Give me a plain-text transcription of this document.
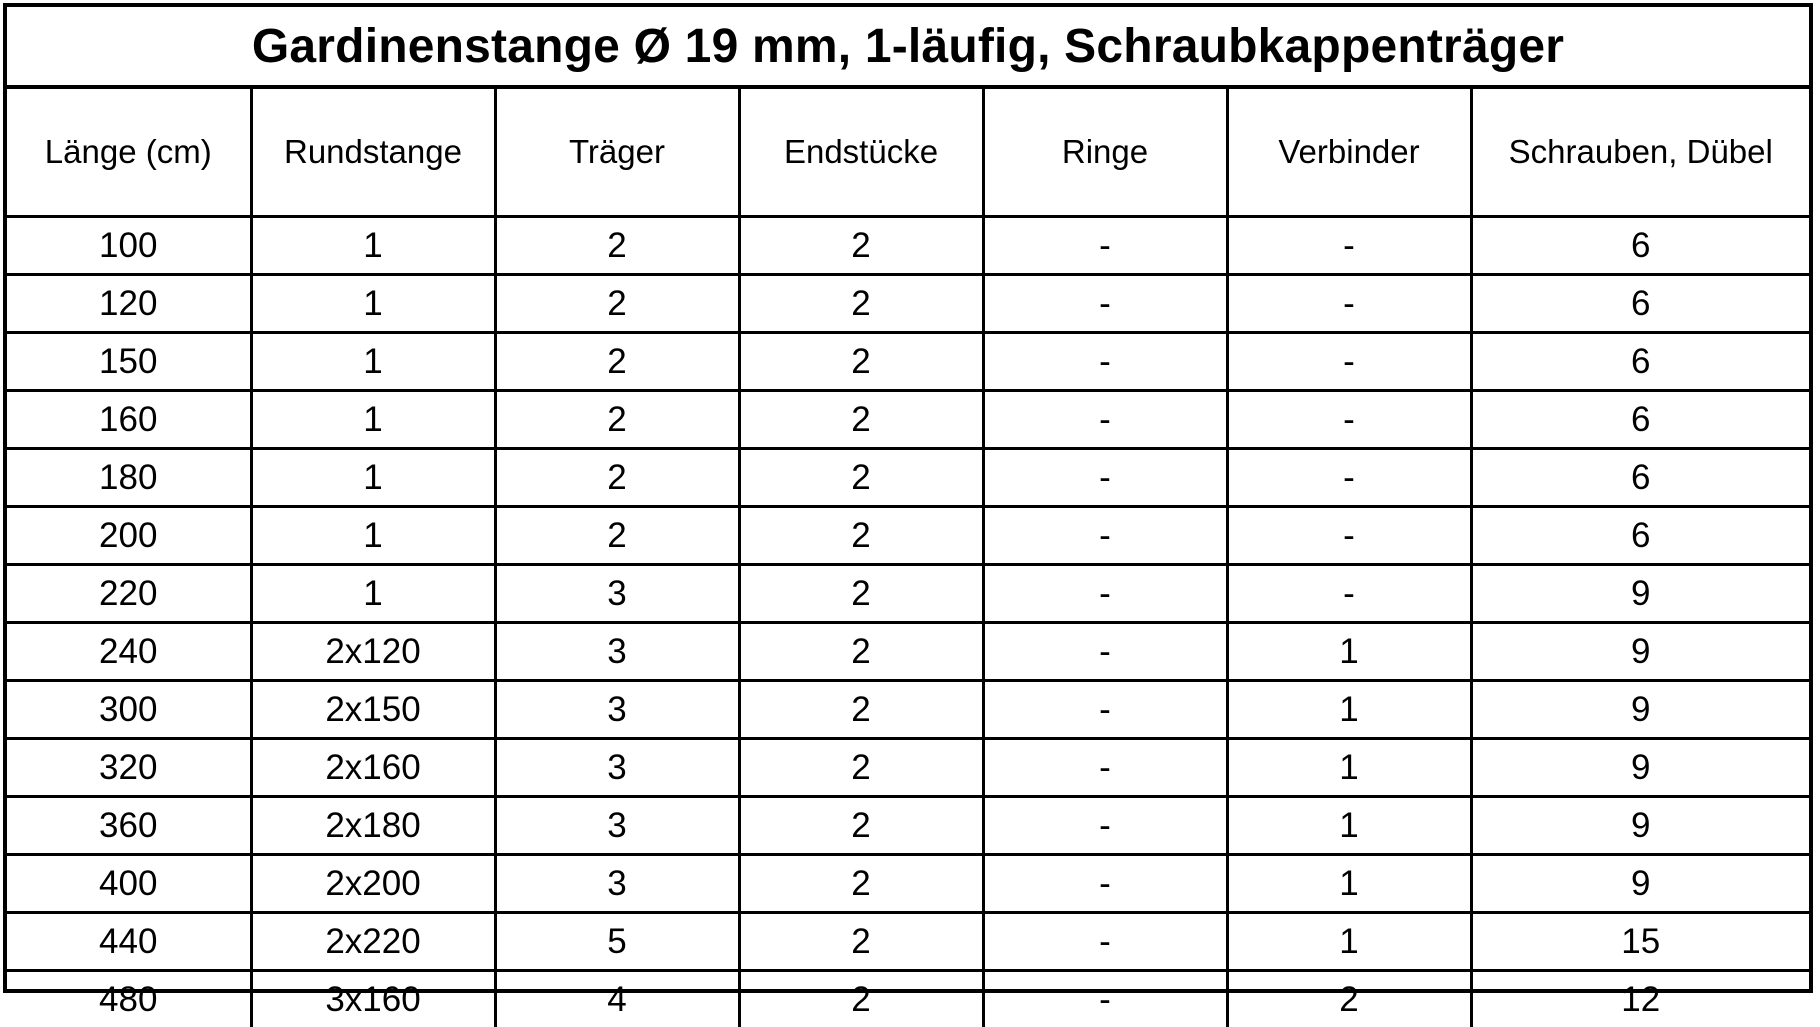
Gardinenstange Ø 19 mm, 1-läufig, Schraubkappenträger
Länge (cm)	Rundstange	Träger	Endstücke	Ringe	Verbinder	Schrauben, Dübel
100	1	2	2	-	-	6
120	1	2	2	-	-	6
150	1	2	2	-	-	6
160	1	2	2	-	-	6
180	1	2	2	-	-	6
200	1	2	2	-	-	6
220	1	3	2	-	-	9
240	2x120	3	2	-	1	9
300	2x150	3	2	-	1	9
320	2x160	3	2	-	1	9
360	2x180	3	2	-	1	9
400	2x200	3	2	-	1	9
440	2x220	5	2	-	1	15
480	3x160	4	2	-	2	12
